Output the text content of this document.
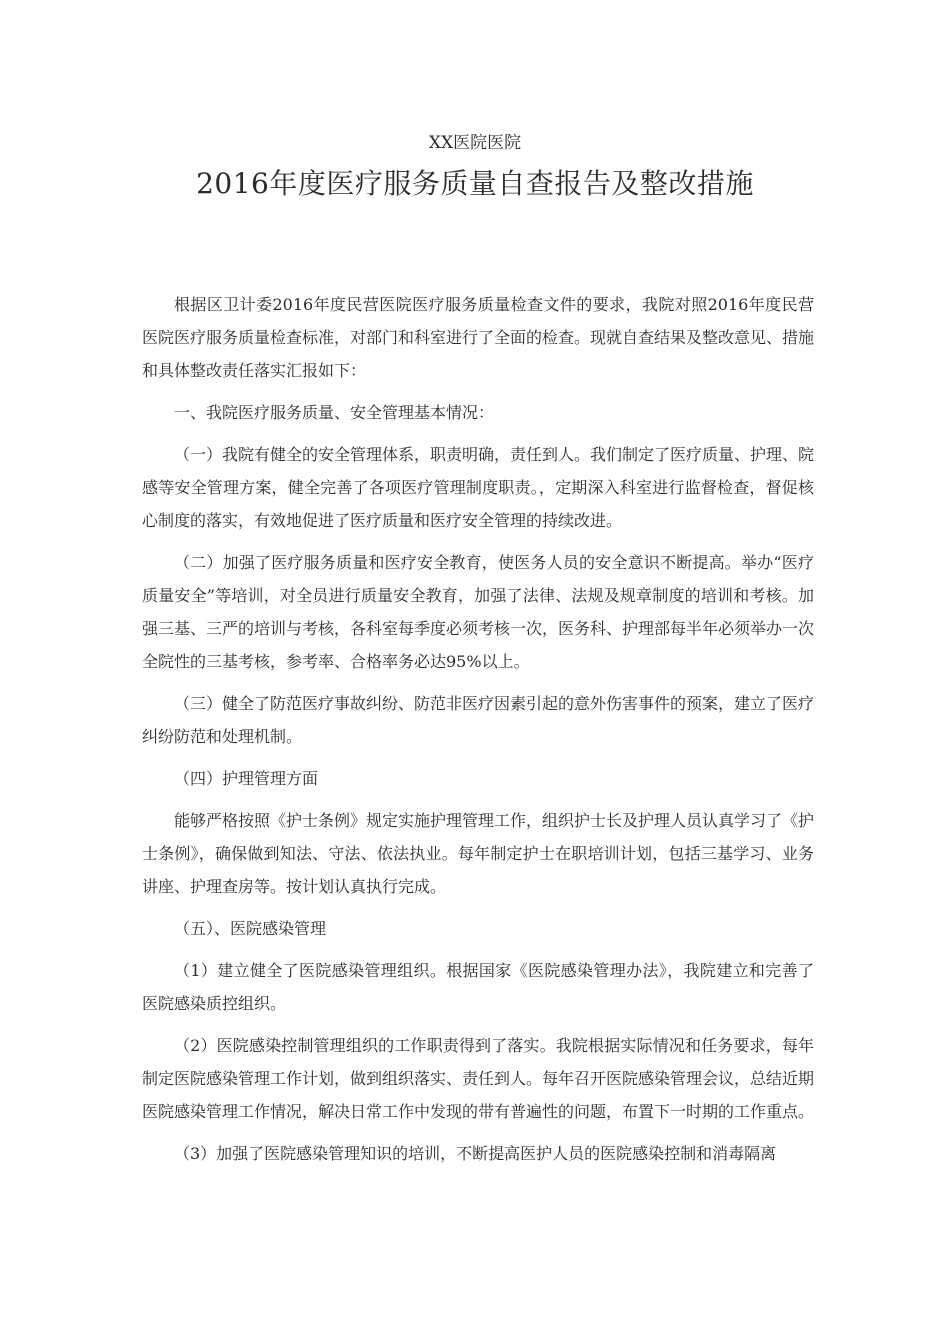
XX医院医院
2016年度医疗服务质量自查报告及整改措施

根据区卫计委2016年度民营医院医疗服务质量检查文件的要求，我院对照2016年度民营医院医疗服务质量检查标准，对部门和科室进行了全面的检查。现就自查结果及整改意见、措施和具体整改责任落实汇报如下：

一、我院医疗服务质量、安全管理基本情况：

（一）我院有健全的安全管理体系，职责明确，责任到人。我们制定了医疗质量、护理、院感等安全管理方案，健全完善了各项医疗管理制度职责。，定期深入科室进行监督检查，督促核心制度的落实，有效地促进了医疗质量和医疗安全管理的持续改进。

（二）加强了医疗服务质量和医疗安全教育，使医务人员的安全意识不断提高。举办“医疗质量安全”等培训，对全员进行质量安全教育，加强了法律、法规及规章制度的培训和考核。加强三基、三严的培训与考核，各科室每季度必须考核一次，医务科、护理部每半年必须举办一次全院性的三基考核，参考率、合格率务必达95%以上。

（三）健全了防范医疗事故纠纷、防范非医疗因素引起的意外伤害事件的预案，建立了医疗纠纷防范和处理机制。

（四）护理管理方面

能够严格按照《护士条例》规定实施护理管理工作，组织护士长及护理人员认真学习了《护士条例》，确保做到知法、守法、依法执业。每年制定护士在职培训计划，包括三基学习、业务讲座、护理查房等。按计划认真执行完成。

（五）、医院感染管理

（1）建立健全了医院感染管理组织。根据国家《医院感染管理办法》，我院建立和完善了医院感染质控组织。

（2）医院感染控制管理组织的工作职责得到了落实。我院根据实际情况和任务要求，每年制定医院感染管理工作计划，做到组织落实、责任到人。每年召开医院感染管理会议，总结近期医院感染管理工作情况，解决日常工作中发现的带有普遍性的问题，布置下一时期的工作重点。

（3）加强了医院感染管理知识的培训，不断提高医护人员的医院感染控制和消毒隔离
